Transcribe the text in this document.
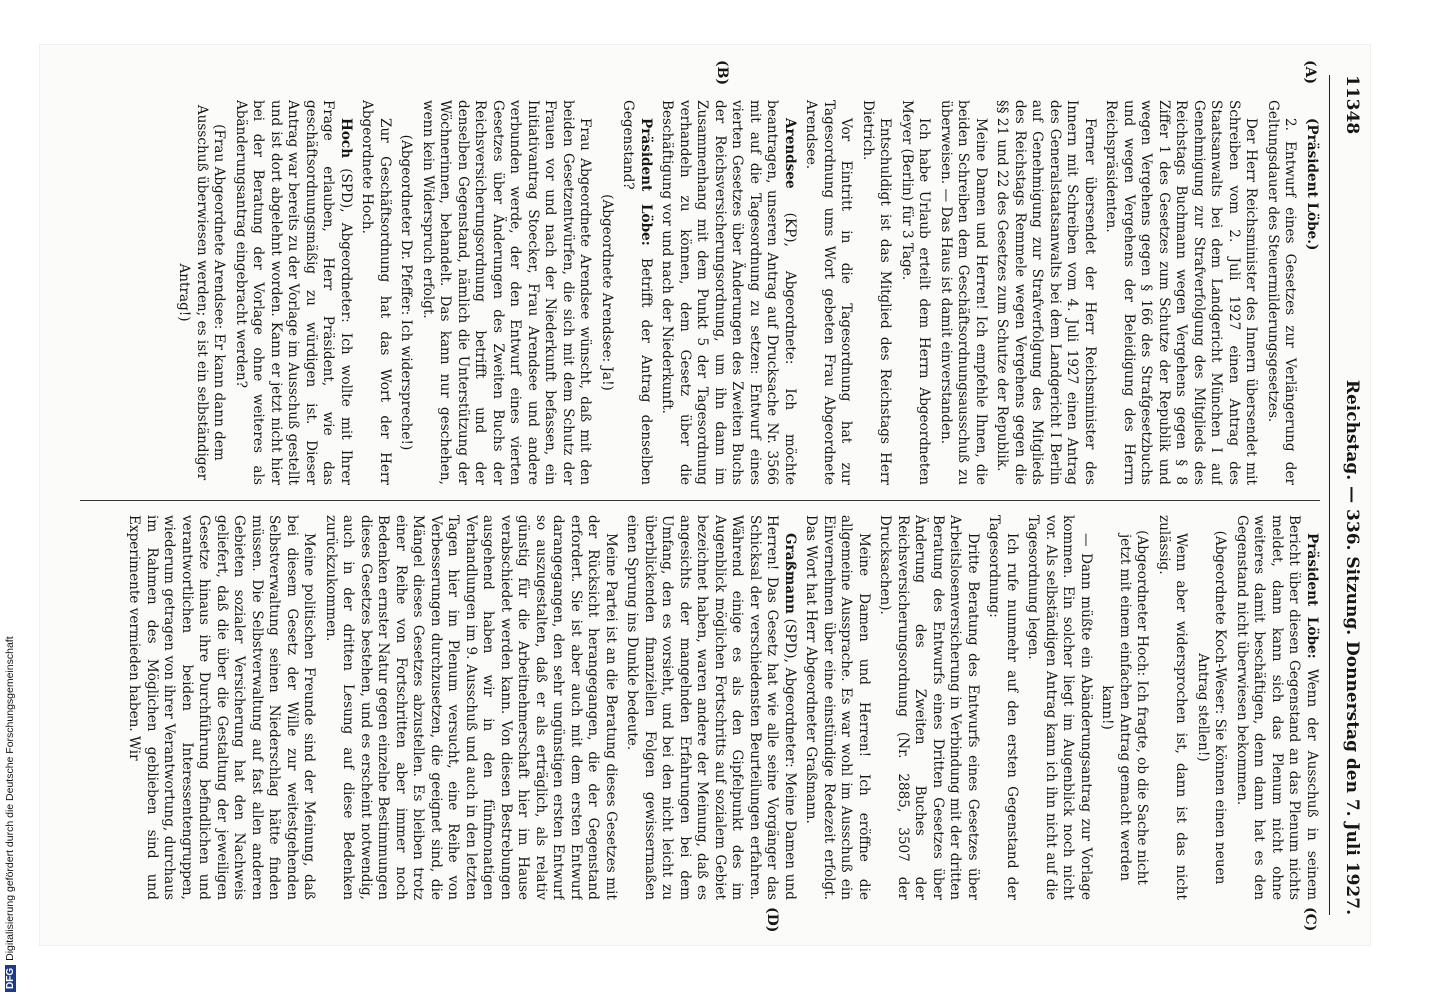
11348
Reichstag. — 336. Sitzung. Donnerstag den 7. Juli 1927.
(A)
(B)
(C)
(D)

(Präsident Löbe.)

2. Entwurf eines Gesetzes zur Verlängerung der Geltungsdauer des Steuermilderungsgesetzes.

Der Herr Reichsminister des Innern übersendet mit Schreiben vom 2. Juli 1927 einen Antrag des Staatsanwalts bei dem Landgericht München I auf Genehmigung zur Strafverfolgung des Mitglieds des Reichstags Buchmann wegen Vergehens gegen § 8 Ziffer 1 des Gesetzes zum Schutze der Republik und wegen Vergehens gegen § 166 des Strafgesetzbuchs und wegen Vergehens der Beleidigung des Herrn Reichspräsidenten.

Ferner übersendet der Herr Reichsminister des Innern mit Schreiben vom 4. Juli 1927 einen Antrag des Generalstaatsanwalts bei dem Landgericht I Berlin auf Genehmigung zur Strafverfolgung des Mitglieds des Reichstags Remmele wegen Vergehens gegen die §§ 21 und 22 des Gesetzes zum Schutze der Republik.

Meine Damen und Herren! Ich empfehle Ihnen, die beiden Schreiben dem Geschäftsordnungsausschuß zu überweisen. — Das Haus ist damit einverstanden.

Ich habe Urlaub erteilt dem Herrn Abgeordneten Meyer (Berlin) für 3 Tage.

Entschuldigt ist das Mitglied des Reichstags Herr Dietrich.

Vor Eintritt in die Tagesordnung hat zur Tagesordnung ums Wort gebeten Frau Abgeordnete Arendsee.

Arendsee (KP), Abgeordnete: Ich möchte beantragen, unseren Antrag auf Drucksache Nr. 3566 mit auf die Tagesordnung zu setzen: Entwurf eines vierten Gesetzes über Änderungen des Zweiten Buchs der Reichsversicherungsordnung, um ihn dann im Zusammenhang mit dem Punkt 5 der Tagesordnung verhandeln zu können, dem Gesetz über die Beschäftigung vor und nach der Niederkunft.

Präsident Löbe: Betrifft der Antrag denselben Gegenstand?

(Abgeordnete Arendsee: Ja!)

Frau Abgeordnete Arendsee wünscht, daß mit den beiden Gesetzentwürfen, die sich mit dem Schutz der Frauen vor und nach der Niederkunft befassen, ein Initiativantrag Stoecker, Frau Arendsee und andere verbunden werde, der den Entwurf eines vierten Gesetzes über Änderungen des Zweiten Buchs der Reichsversicherungsordnung betrifft und der denselben Gegenstand, nämlich die Unterstützung der Wöchnerinnen, behandelt. Das kann nur geschehen, wenn kein Widerspruch erfolgt.

(Abgeordneter Dr. Pfeffer: Ich widerspreche!)

Zur Geschäftsordnung hat das Wort der Herr Abgeordnete Hoch.

Hoch (SPD), Abgeordneter: Ich wollte mit Ihrer Frage erlauben, Herr Präsident, wie das geschäftsordnungsmäßig zu würdigen ist. Dieser Antrag war bereits zu der Vorlage im Ausschuß gestellt und ist dort abgelehnt worden. Kann er jetzt nicht hier bei der Beratung der Vorlage ohne weiteres als Abänderungsantrag eingebracht werden?

(Frau Abgeordnete Arendsee: Er kann dann dem Ausschuß überwiesen werden; es ist ein selbständiger Antrag!)

Präsident Löbe: Wenn der Ausschuß in seinem Bericht über diesen Gegenstand an das Plenum nichts meldet, dann kann sich das Plenum nicht ohne weiteres damit beschäftigen, denn dann hat es den Gegenstand nicht überwiesen bekommen.

(Abgeordnete Koch-Weser: Sie können einen neuen Antrag stellen!)

Wenn aber widersprochen ist, dann ist das nicht zulässig.

(Abgeordneter Hoch: Ich fragte, ob die Sache nicht jetzt mit einem einfachen Antrag gemacht werden kann!)

— Dann müßte ein Abänderungsantrag zur Vorlage kommen. Ein solcher liegt im Augenblick noch nicht vor. Als selbständigen Antrag kann ich ihn nicht auf die Tagesordnung legen.

Ich rufe nunmehr auf den ersten Gegenstand der Tagesordnung:

Dritte Beratung des Entwurfs eines Gesetzes über Arbeitslosenversicherung in Verbindung mit der dritten Beratung des Entwurfs eines Dritten Gesetzes über Änderung des Zweiten Buches der Reichsversicherungsordnung (Nr. 2885, 3507 der Drucksachen).

Meine Damen und Herren! Ich eröffne die allgemeine Aussprache. Es war wohl im Ausschuß ein Einvernehmen über eine einstündige Redezeit erfolgt. Das Wort hat Herr Abgeordneter Graßmann.

Graßmann (SPD), Abgeordneter: Meine Damen und Herren! Das Gesetz hat wie alle seine Vorgänger das Schicksal der verschiedensten Beurteilungen erfahren. Während einige es als den Gipfelpunkt des im Augenblick möglichen Fortschritts auf sozialem Gebiet bezeichnet haben, waren andere der Meinung, daß es angesichts der mangelnden Erfahrungen bei dem Umfang, den es vorsieht, und bei den nicht leicht zu überblickenden finanziellen Folgen gewissermaßen einen Sprung ins Dunkle bedeute.

Meine Partei ist an die Beratung dieses Gesetzes mit der Rücksicht herangegangen, die der Gegenstand erfordert. Sie ist aber auch mit dem ersten Entwurf darangegangen, den sehr ungünstigen ersten Entwurf so auszugestalten, daß er als erträglich, als relativ günstig für die Arbeitnehmerschaft hier im Hause verabschiedet werden kann. Von diesen Bestrebungen ausgehend haben wir in den fünfmonatigen Verhandlungen im 9. Ausschuß und auch in den letzten Tagen hier im Plenum versucht, eine Reihe von Verbesserungen durchzusetzen, die geeignet sind, die Mängel dieses Gesetzes abzustellen. Es bleiben trotz einer Reihe von Fortschritten aber immer noch Bedenken ernster Natur gegen einzelne Bestimmungen dieses Gesetzes bestehen, und es erscheint notwendig, auch in der dritten Lesung auf diese Bedenken zurückzukommen.

Meine politischen Freunde sind der Meinung, daß bei diesem Gesetz der Wille zur weitestgehenden Selbstverwaltung seinen Niederschlag hätte finden müssen. Die Selbstverwaltung auf fast allen anderen Gebieten sozialer Versicherung hat den Nachweis geliefert, daß die über die Gestaltung der jeweiligen Gesetze hinaus ihre Durchführung befindlichen und verantwortlichen beiden Interessentengruppen, wiederum getragen von ihrer Verantwortung, durchaus im Rahmen des Möglichen geblieben sind und Experimente vermieden haben. Wir

DFGDigitalisierung gefördert durch die Deutsche Forschungsgemeinschaft
